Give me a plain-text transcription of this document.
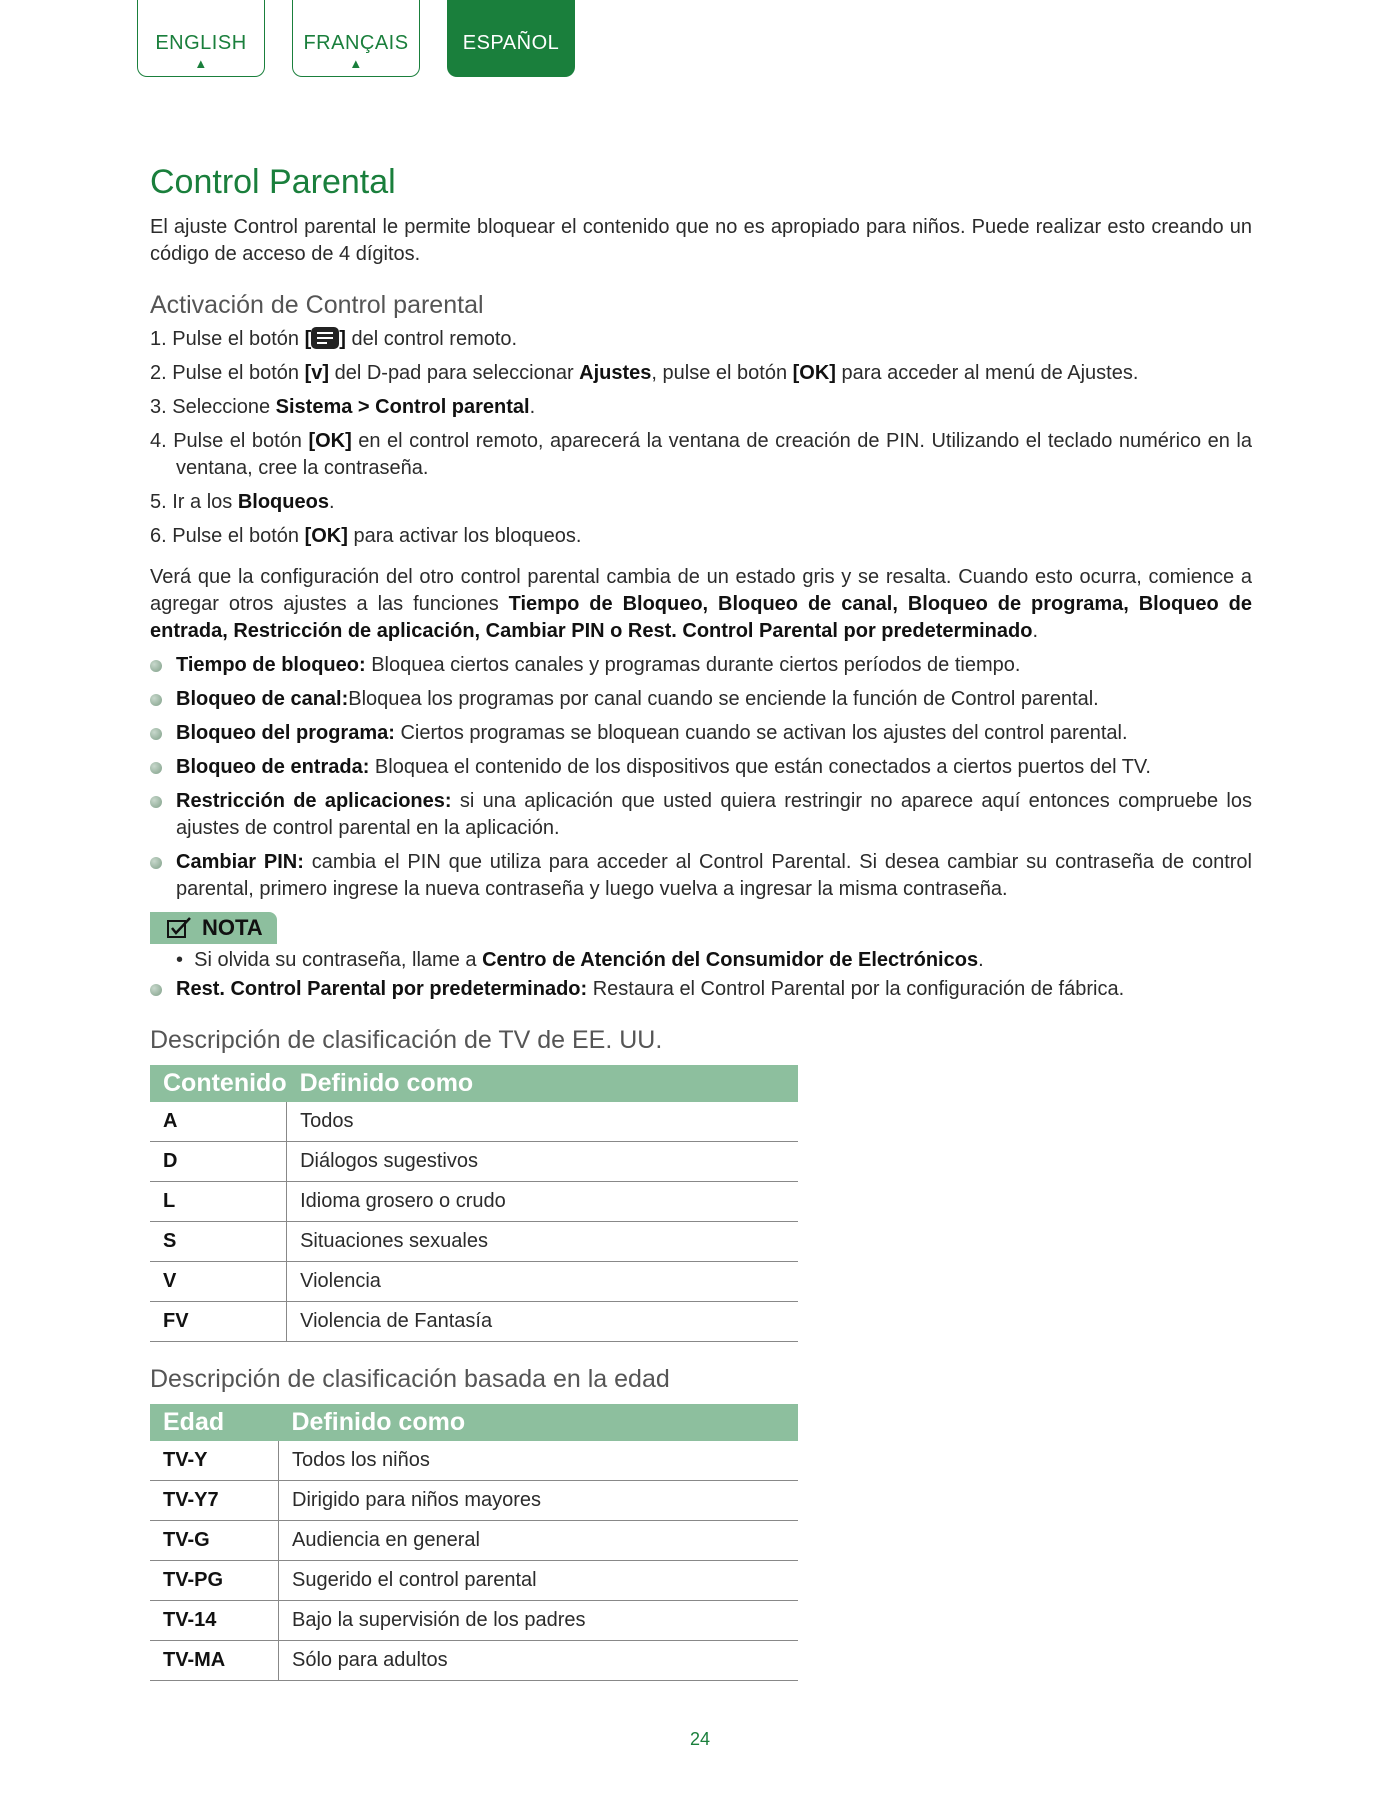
ENGLISH
▲
FRANÇAIS
▲
ESPAÑOL
Control Parental

El ajuste Control parental le permite bloquear el contenido que no es apropiado para niños. Puede realizar esto creando un código de acceso de 4 dígitos.

Activación de Control parental
1. Pulse el botón [ ] del control remoto.
2. Pulse el botón [v] del D-pad para seleccionar Ajustes, pulse el botón [OK] para acceder al menú de Ajustes.
3. Seleccione Sistema > Control parental.
4. Pulse el botón [OK] en el control remoto, aparecerá la ventana de creación de PIN. Utilizando el teclado numérico en la ventana, cree la contraseña.
5. Ir a los Bloqueos.
6. Pulse el botón [OK] para activar los bloqueos.

Verá que la configuración del otro control parental cambia de un estado gris y se resalta. Cuando esto ocurra, comience a agregar otros ajustes a las funciones Tiempo de Bloqueo, Bloqueo de canal, Bloqueo de programa, Bloqueo de entrada, Restricción de aplicación, Cambiar PIN o Rest. Control Parental por predeterminado.

Tiempo de bloqueo: Bloquea ciertos canales y programas durante ciertos períodos de tiempo.
Bloqueo de canal:Bloquea los programas por canal cuando se enciende la función de Control parental.
Bloqueo del programa: Ciertos programas se bloquean cuando se activan los ajustes del control parental.
Bloqueo de entrada: Bloquea el contenido de los dispositivos que están conectados a ciertos puertos del TV.
Restricción de aplicaciones: si una aplicación que usted quiera restringir no aparece aquí entonces compruebe los ajustes de control parental en la aplicación.
Cambiar PIN: cambia el PIN que utiliza para acceder al Control Parental. Si desea cambiar su contraseña de control parental, primero ingrese la nueva contraseña y luego vuelva a ingresar la misma contraseña.
NOTA

• Si olvida su contraseña, llame a Centro de Atención del Consumidor de Electrónicos.

Rest. Control Parental por predeterminado: Restaura el Control Parental por la configuración de fábrica.
Descripción de clasificación de TV de EE. UU.
Contenido	Definido como
A	Todos
D	Diálogos sugestivos
L	Idioma grosero o crudo
S	Situaciones sexuales
V	Violencia
FV	Violencia de Fantasía
Descripción de clasificación basada en la edad
Edad	Definido como
TV-Y	Todos los niños
TV-Y7	Dirigido para niños mayores
TV-G	Audiencia en general
TV-PG	Sugerido el control parental
TV-14	Bajo la supervisión de los padres
TV-MA	Sólo para adultos
24
